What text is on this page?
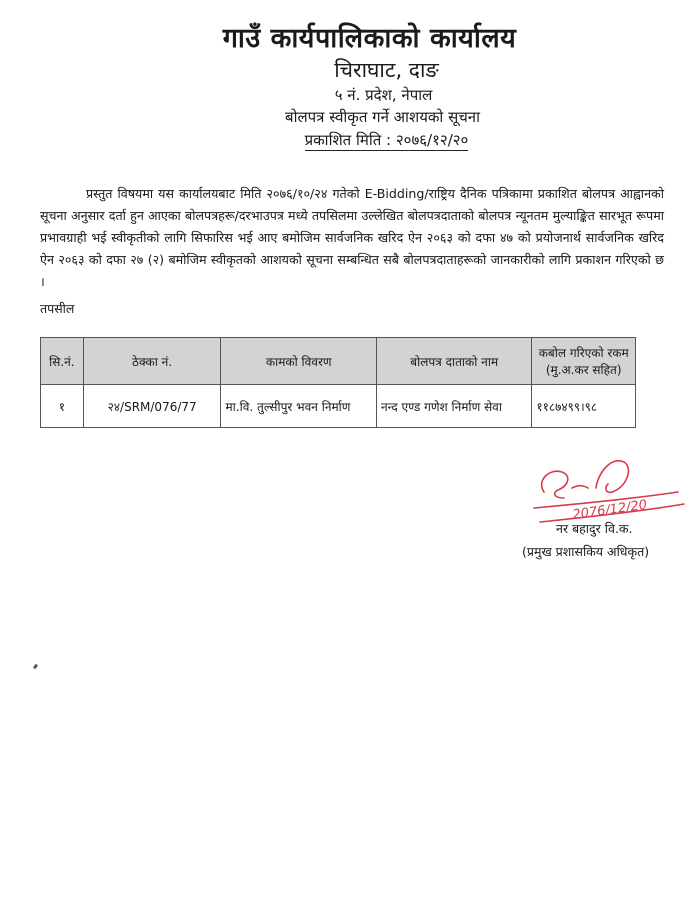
गाउँ कार्यपालिकाको कार्यालय
चिराघाट, दाङ
५ नं. प्रदेश, नेपाल
बोलपत्र स्वीकृत गर्ने आशयको सूचना
प्रकाशित मिति : २०७६/१२/२०
प्रस्तुत विषयमा यस कार्यालयबाट मिति २०७६/१०/२४ गतेको E-Bidding/राष्ट्रिय दैनिक पत्रिकामा प्रकाशित बोलपत्र आह्वानको सूचना अनुसार दर्ता हुन आएका बोलपत्रहरू/दरभाउपत्र मध्ये तपसिलमा उल्लेखित बोलपत्रदाताको बोलपत्र न्यूनतम मुल्याङ्कित सारभूत रूपमा प्रभावग्राही भई स्वीकृतीको लागि सिफारिस भई आए बमोजिम सार्वजनिक खरिद ऐन २०६३ को दफा ४७ को प्रयोजनार्थ सार्वजनिक खरिद ऐन २०६३ को दफा २७ (२) बमोजिम स्वीकृतको आशयको सूचना सम्बन्धित सबै बोलपत्रदाताहरूको जानकारीको लागि प्रकाशन गरिएको छ ।
तपसील
सि.नं.	ठेक्का नं.	कामको विवरण	बोलपत्र दाताको नाम	कबोल गरिएको रकम (मु.अ.कर सहित)
१	२४/SRM/076/77	मा.वि. तुल्सीपुर भवन निर्माण	नन्द एण्ड गणेश निर्माण सेवा	११८७४९९।९८
2076/12/20
नर बहादुर वि.क.
(प्रमुख प्रशासकिय अधिकृत)
